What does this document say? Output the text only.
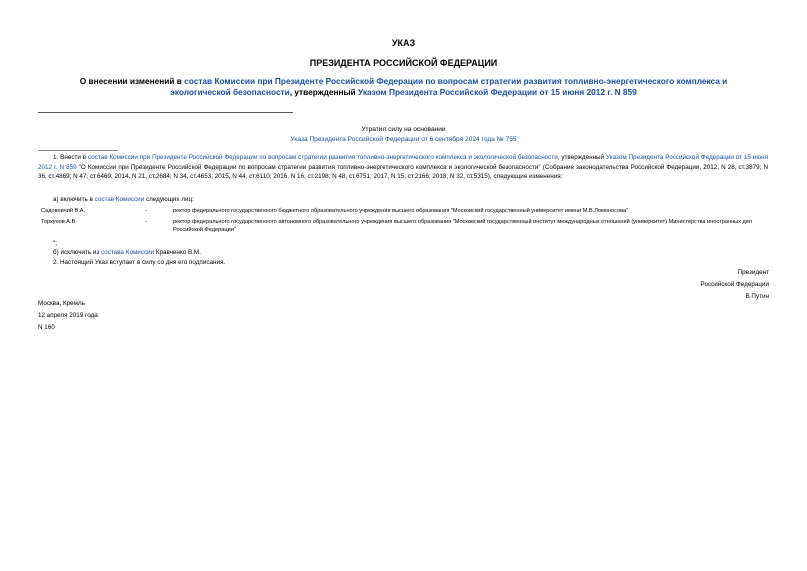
УКАЗ
ПРЕЗИДЕНТА РОССИЙСКОЙ ФЕДЕРАЦИИ
О внесении изменений в состав Комиссии при Президенте Российской Федерации по вопросам стратегии развития топливно-энергетического комплекса и экологической безопасности, утвержденный Указом Президента Российской Федерации от 15 июня 2012 г. N 859
Утратил силу на основании
Указа Президента Российской Федерации от 6 сентября 2024 года № 755
1. Внести в состав Комиссии при Президенте Российской Федерации по вопросам стратегии развития топливно-энергетического комплекса и экологической безопасности, утвержденный Указом Президента Российской Федерации от 15 июня 2012 г. N 859 "О Комиссии при Президенте Российской Федерации по вопросам стратегии развития топливно-энергетического комплекса и экологической безопасности" (Собрание законодательства Российской Федерации, 2012, N 28, ст.3879; N 36, ст.4869; N 47, ст.6469; 2014, N 21, ст.2684; N 34, ст.4653; 2015, N 44, ст.6110; 2016, N 16, ст.2198; N 48, ст.6751; 2017, N 15, ст.2166; 2018, N 32, ст.5315), следующие изменения:
а) включить в состав Комиссии следующих лиц:
Садовничий В.А.	-	ректор федерального государственного бюджетного образовательного учреждения высшего образования "Московский государственный университет имени М.В.Ломоносова"
Торкунов А.В.	-	ректор федерального государственного автономного образовательного учреждения высшего образования "Московский государственный институт международных отношений (университет) Министерства иностранных дел Российской Федерации"
";
б) исключить из состава Комиссии Кравченко В.М.
2. Настоящий Указ вступает в силу со дня его подписания.
Президент
Российской Федерации
В.Путин
Москва, Кремль
12 апреля 2019 года
N 160
